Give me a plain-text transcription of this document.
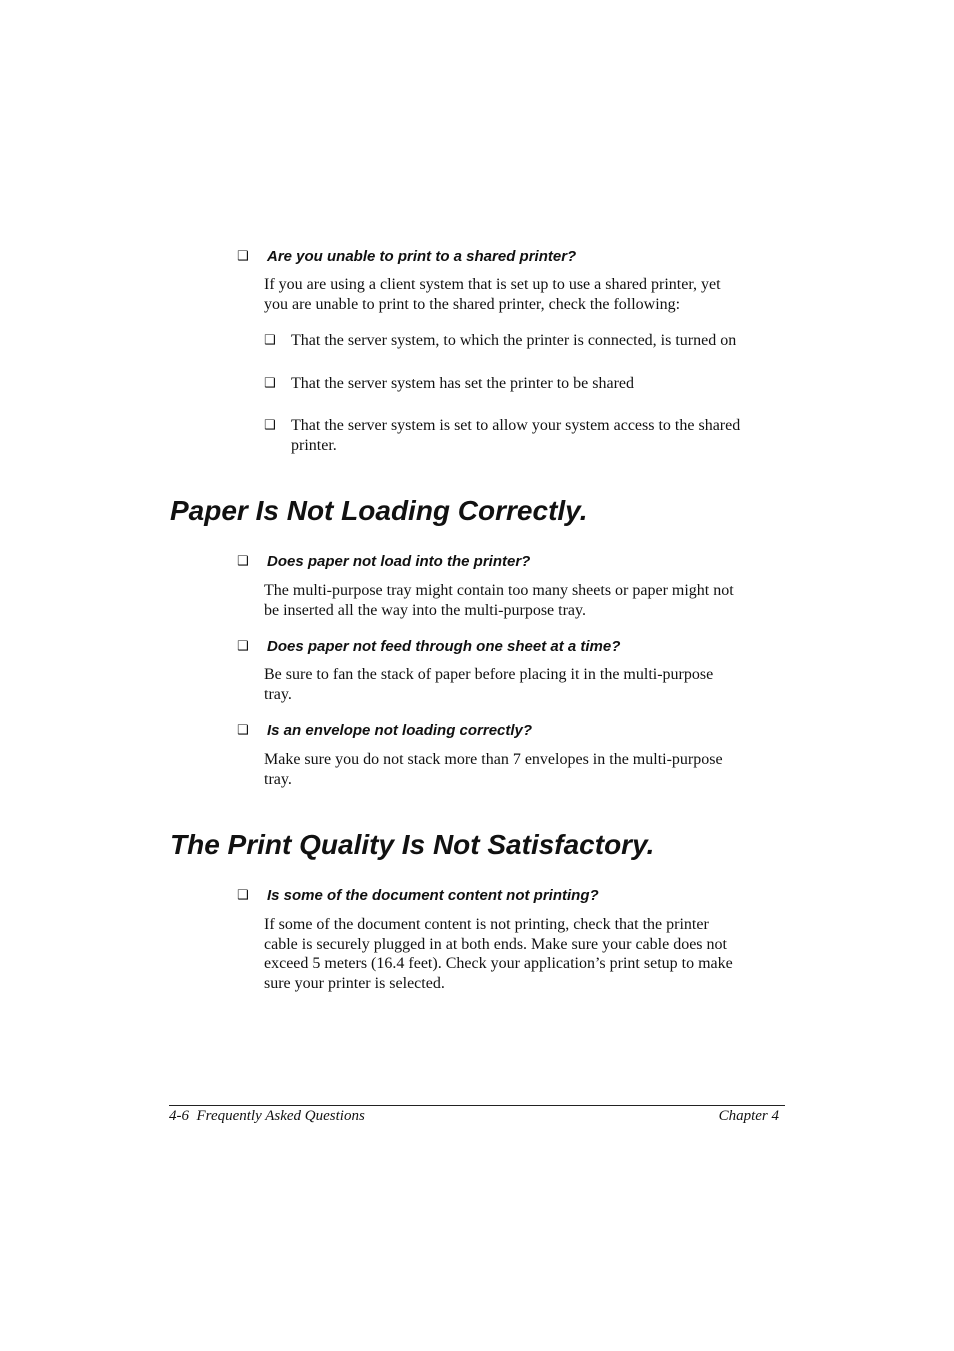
❑ Are you unable to print to a shared printer?
If you are using a client system that is set up to use a shared printer, yet
you are unable to print to the shared printer, check the following:
❑ That the server system, to which the printer is connected, is turned on
❑ That the server system has set the printer to be shared
❑ That the server system is set to allow your system access to the shared
printer.
Paper Is Not Loading Correctly.
❑ Does paper not load into the printer?
The multi-purpose tray might contain too many sheets or paper might not
be inserted all the way into the multi-purpose tray.
❑ Does paper not feed through one sheet at a time?
Be sure to fan the stack of paper before placing it in the multi-purpose
tray.
❑ Is an envelope not loading correctly?
Make sure you do not stack more than 7 envelopes in the multi-purpose
tray.
The Print Quality Is Not Satisfactory.
❑ Is some of the document content not printing?
If some of the document content is not printing, check that the printer
cable is securely plugged in at both ends. Make sure your cable does not
exceed 5 meters (16.4 feet). Check your application’s print setup to make
sure your printer is selected.
4-6 Frequently Asked Questions	Chapter 4
